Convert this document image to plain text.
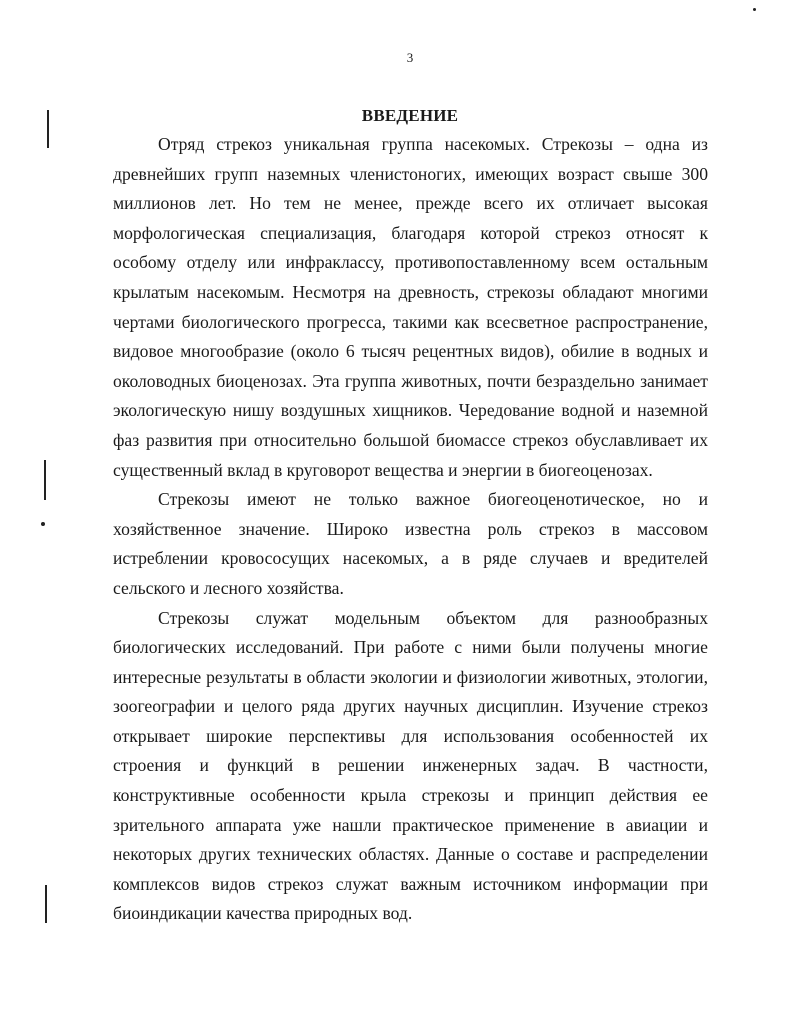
3
ВВЕДЕНИЕ

Отряд стрекоз уникальная группа насекомых. Стрекозы – одна из древнейших групп наземных членистоногих, имеющих возраст свыше 300 миллионов лет. Но тем не менее, прежде всего их отличает высокая морфологическая специализация, благодаря которой стрекоз относят к особому отделу или инфраклассу, противопоставленному всем остальным крылатым насекомым. Несмотря на древность, стрекозы обладают многими чертами биологического прогресса, такими как всесветное распространение, видовое многообразие (около 6 тысяч рецентных видов), обилие в водных и околоводных биоценозах. Эта группа животных, почти безраздельно занимает экологическую нишу воздушных хищников. Чередование водной и наземной фаз развития при относительно большой биомассе стрекоз обуславливает их существенный вклад в круговорот вещества и энергии в биогеоценозах.

Стрекозы имеют не только важное биогеоценотическое, но и хозяйственное значение. Широко известна роль стрекоз в массовом истреблении кровососущих насекомых, а в ряде случаев и вредителей сельского и лесного хозяйства.

Стрекозы служат модельным объектом для разнообразных биологических исследований. При работе с ними были получены многие интересные результаты в области экологии и физиологии животных, этологии, зоогеографии и целого ряда других научных дисциплин. Изучение стрекоз открывает широкие перспективы для использования особенностей их строения и функций в решении инженерных задач. В частности, конструктивные особенности крыла стрекозы и принцип действия ее зрительного аппарата уже нашли практическое применение в авиации и некоторых других технических областях. Данные о составе и распределении комплексов видов стрекоз служат важным источником информации при биоиндикации качества природных вод.
